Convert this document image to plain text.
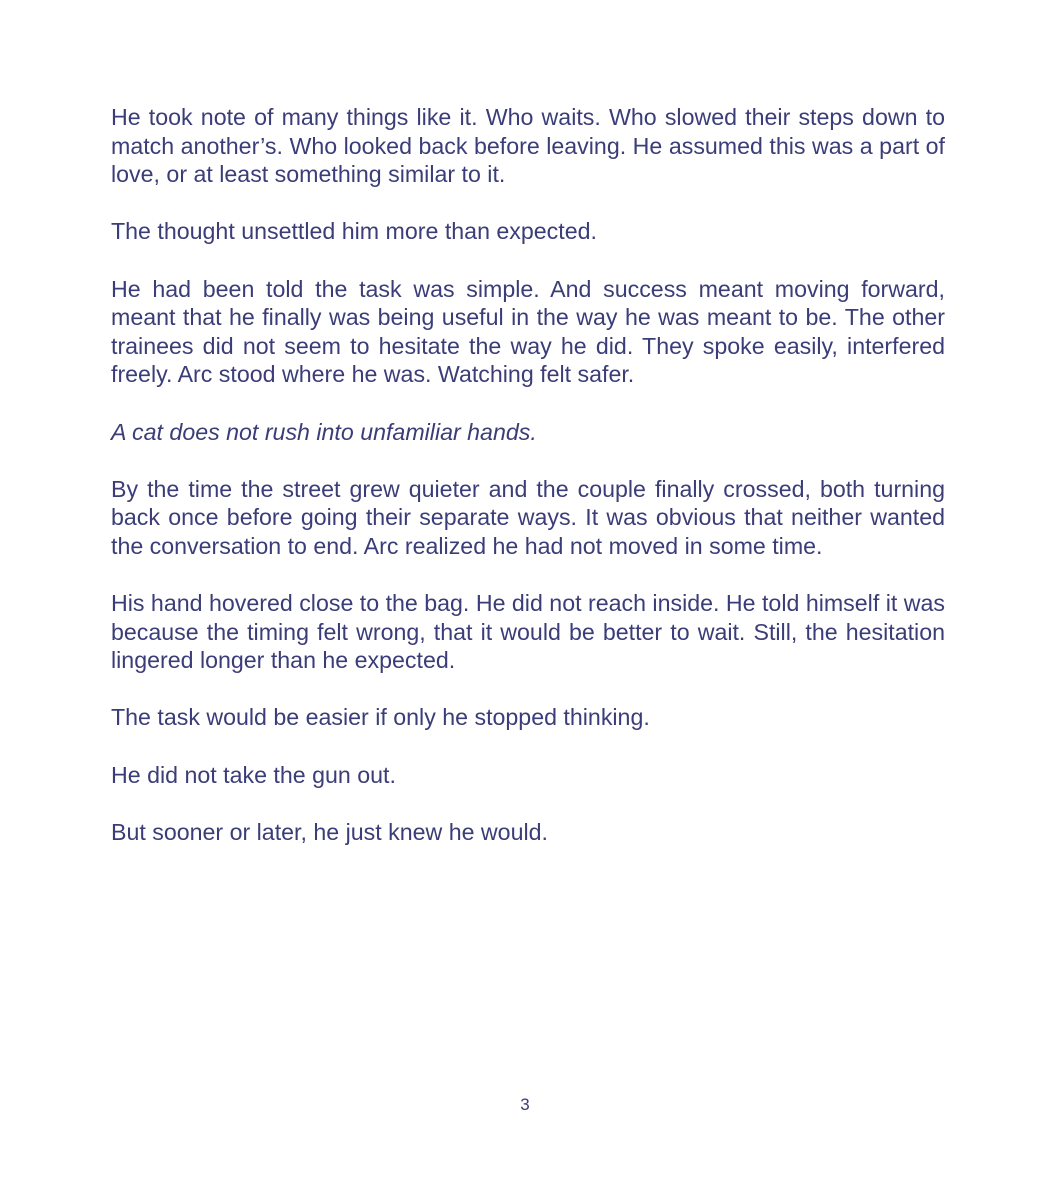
He took note of many things like it. Who waits. Who slowed their steps down to match another’s. Who looked back before leaving. He assumed this was a part of love, or at least something similar to it.

The thought unsettled him more than expected.

He had been told the task was simple. And success meant moving forward, meant that he finally was being useful in the way he was meant to be. The other trainees did not seem to hesitate the way he did. They spoke easily, interfered freely. Arc stood where he was. Watching felt safer.

A cat does not rush into unfamiliar hands.

By the time the street grew quieter and the couple finally crossed, both turning back once before going their separate ways. It was obvious that neither wanted the conversation to end. Arc realized he had not moved in some time.

His hand hovered close to the bag. He did not reach inside. He told himself it was because the timing felt wrong, that it would be better to wait. Still, the hesitation lingered longer than he expected.

The task would be easier if only he stopped thinking.

He did not take the gun out.

But sooner or later, he just knew he would.

3
